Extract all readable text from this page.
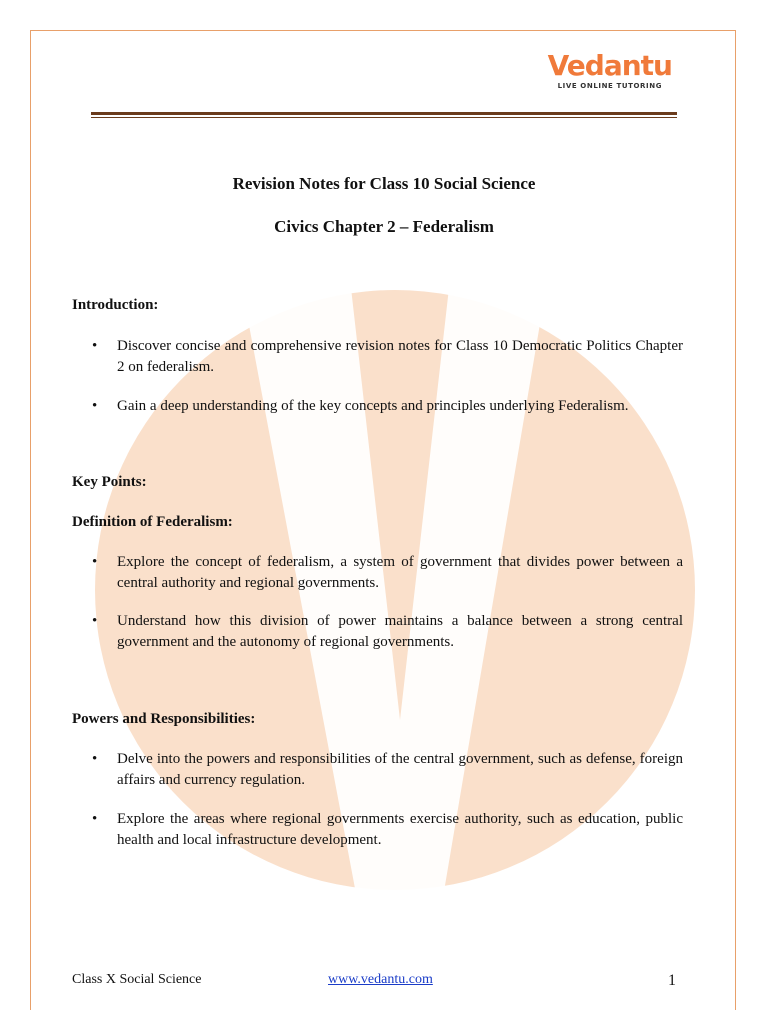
Vedantu
LIVE ONLINE TUTORING
Revision Notes for Class 10 Social Science
Civics Chapter 2 – Federalism
Introduction:
• Discover concise and comprehensive revision notes for Class 10 Democratic Politics Chapter 2 on federalism.
• Gain a deep understanding of the key concepts and principles underlying Federalism.
Key Points:
Definition of Federalism:
• Explore the concept of federalism, a system of government that divides power between a central authority and regional governments.
• Understand how this division of power maintains a balance between a strong central government and the autonomy of regional governments.
Powers and Responsibilities:
• Delve into the powers and responsibilities of the central government, such as defense, foreign affairs and currency regulation.
• Explore the areas where regional governments exercise authority, such as education, public health and local infrastructure development.
Class X Social Science	www.vedantu.com	1
